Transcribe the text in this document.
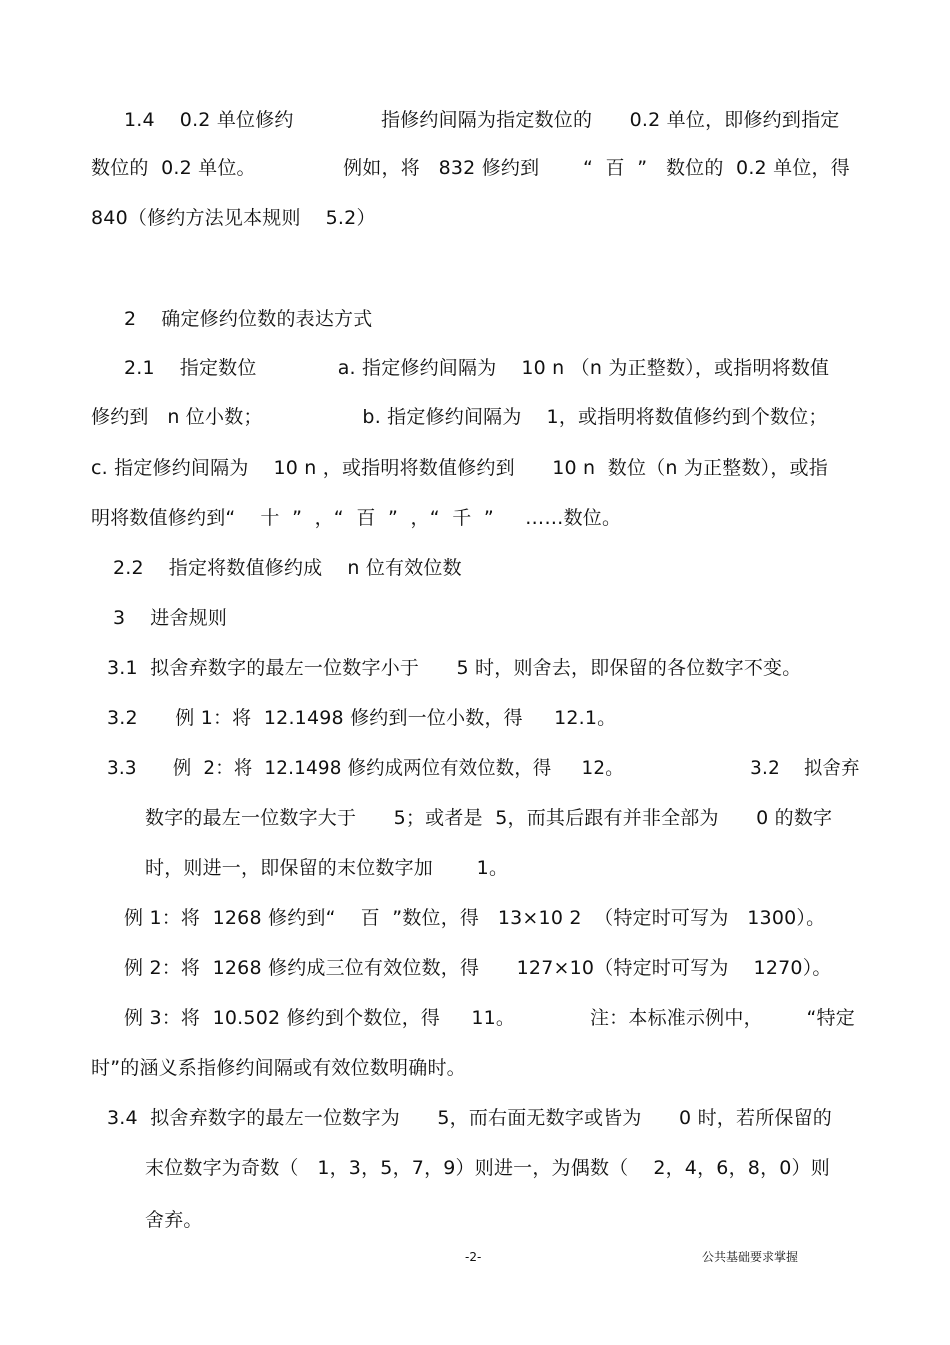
1.4    0.2 单位修约              指修约间隔为指定数位的      0.2 单位，即修约到指定
数位的  0.2 单位。              例如，将   832 修约到       “  百  ”   数位的  0.2 单位，得
840（修约方法见本规则    5.2）
2    确定修约位数的表达方式
2.1    指定数位             a. 指定修约间隔为    10 n （n 为正整数），或指明将数值
修约到   n 位小数；                b. 指定修约间隔为    1，或指明将数值修约到个数位；
c. 指定修约间隔为    10 n ，或指明将数值修约到      10 n  数位（n 为正整数），或指
明将数值修约到“    十  ”  ，“  百  ”  ，“  千  ”     ……数位。
2.2    指定将数值修约成    n 位有效位数
3    进舍规则
3.1  拟舍弃数字的最左一位数字小于      5 时，则舍去，即保留的各位数字不变。
3.2      例 1：将  12.1498 修约到一位小数，得     12.1。
3.3      例  2：将  12.1498 修约成两位有效位数，得     12。                     3.2    拟舍弃
数字的最左一位数字大于      5；或者是  5，而其后跟有并非全部为      0 的数字
时，则进一，即保留的末位数字加       1。
例 1：将  1268 修约到“    百  ”数位，得   13×10 2  （特定时可写为   1300）。
例 2：将  1268 修约成三位有效位数，得      127×10（特定时可写为    1270）。
例 3：将  10.502 修约到个数位，得     11。            注：本标准示例中，       “特定
时”的涵义系指修约间隔或有效位数明确时。
3.4  拟舍弃数字的最左一位数字为      5，而右面无数字或皆为      0 时，若所保留的
末位数字为奇数（   1，3，5，7，9）则进一，为偶数（    2，4，6，8，0）则
舍弃。
-2-	公共基础要求掌握
